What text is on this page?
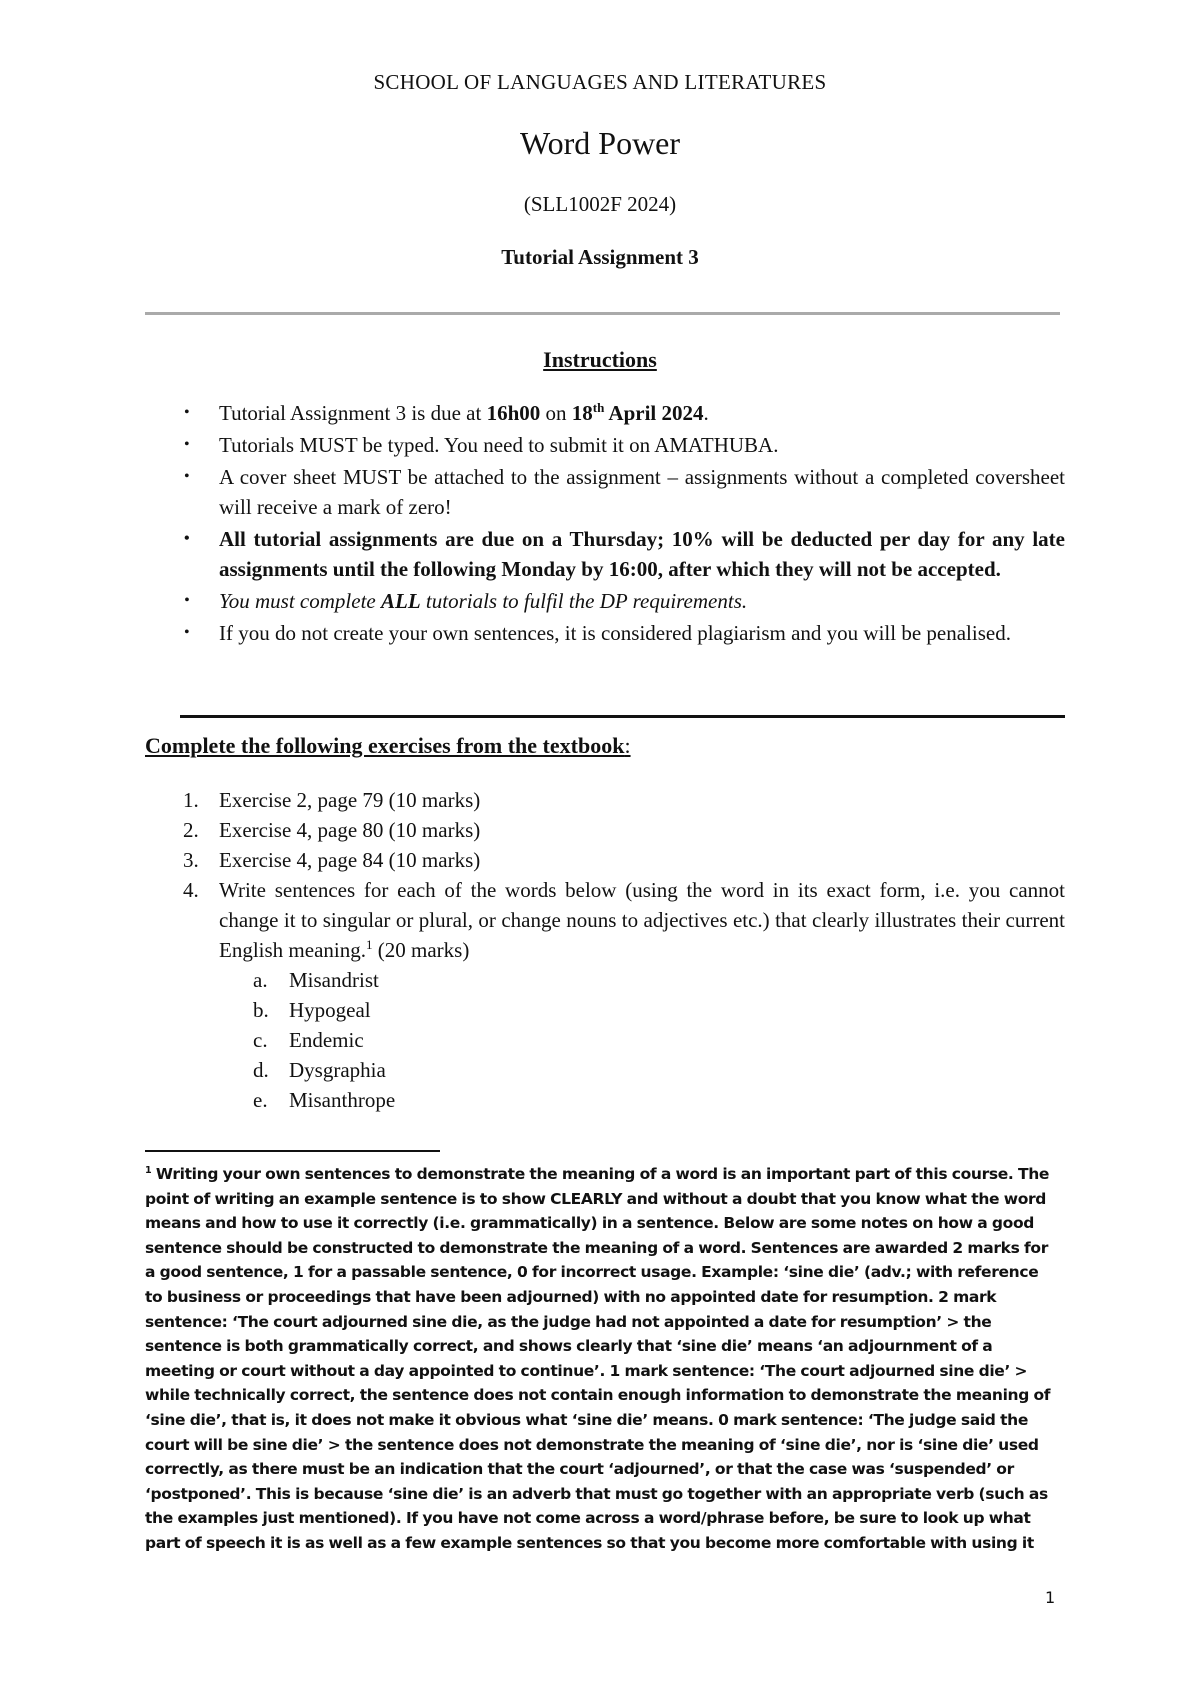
SCHOOL OF LANGUAGES AND LITERATURES
Word Power
(SLL1002F 2024)
Tutorial Assignment 3
Instructions
• Tutorial Assignment 3 is due at 16h00 on 18th April 2024.
• Tutorials MUST be typed. You need to submit it on AMATHUBA.
• A cover sheet MUST be attached to the assignment – assignments without a completed coversheet will receive a mark of zero!
• All tutorial assignments are due on a Thursday; 10% will be deducted per day for any late assignments until the following Monday by 16:00, after which they will not be accepted.
• You must complete ALL tutorials to fulfil the DP requirements.
• If you do not create your own sentences, it is considered plagiarism and you will be penalised.
Complete the following exercises from the textbook:
1. Exercise 2, page 79 (10 marks)
2. Exercise 4, page 80 (10 marks)
3. Exercise 4, page 84 (10 marks)
4. Write sentences for each of the words below (using the word in its exact form, i.e. you cannot change it to singular or plural, or change nouns to adjectives etc.) that clearly illustrates their current English meaning.$^1$ (20 marks)
a. Misandrist
b. Hypogeal
c. Endemic
d. Dysgraphia
e. Misanthrope
$^1$ Writing your own sentences to demonstrate the meaning of a word is an important part of this course. The point of writing an example sentence is to show CLEARLY and without a doubt that you know what the word means and how to use it correctly (i.e. grammatically) in a sentence. Below are some notes on how a good sentence should be constructed to demonstrate the meaning of a word. Sentences are awarded 2 marks for a good sentence, 1 for a passable sentence, 0 for incorrect usage. Example: ‘sine die’ (adv.; with reference to business or proceedings that have been adjourned) with no appointed date for resumption. 2 mark sentence: ‘The court adjourned sine die, as the judge had not appointed a date for resumption’ > the sentence is both grammatically correct, and shows clearly that ‘sine die’ means ‘an adjournment of a meeting or court without a day appointed to continue’. 1 mark sentence: ‘The court adjourned sine die’ > while technically correct, the sentence does not contain enough information to demonstrate the meaning of ‘sine die’, that is, it does not make it obvious what ‘sine die’ means. 0 mark sentence: ‘The judge said the court will be sine die’ > the sentence does not demonstrate the meaning of ‘sine die’, nor is ‘sine die’ used correctly, as there must be an indication that the court ‘adjourned’, or that the case was ‘suspended’ or ‘postponed’. This is because ‘sine die’ is an adverb that must go together with an appropriate verb (such as the examples just mentioned). If you have not come across a word/phrase before, be sure to look up what part of speech it is as well as a few example sentences so that you become more comfortable with using it
1
